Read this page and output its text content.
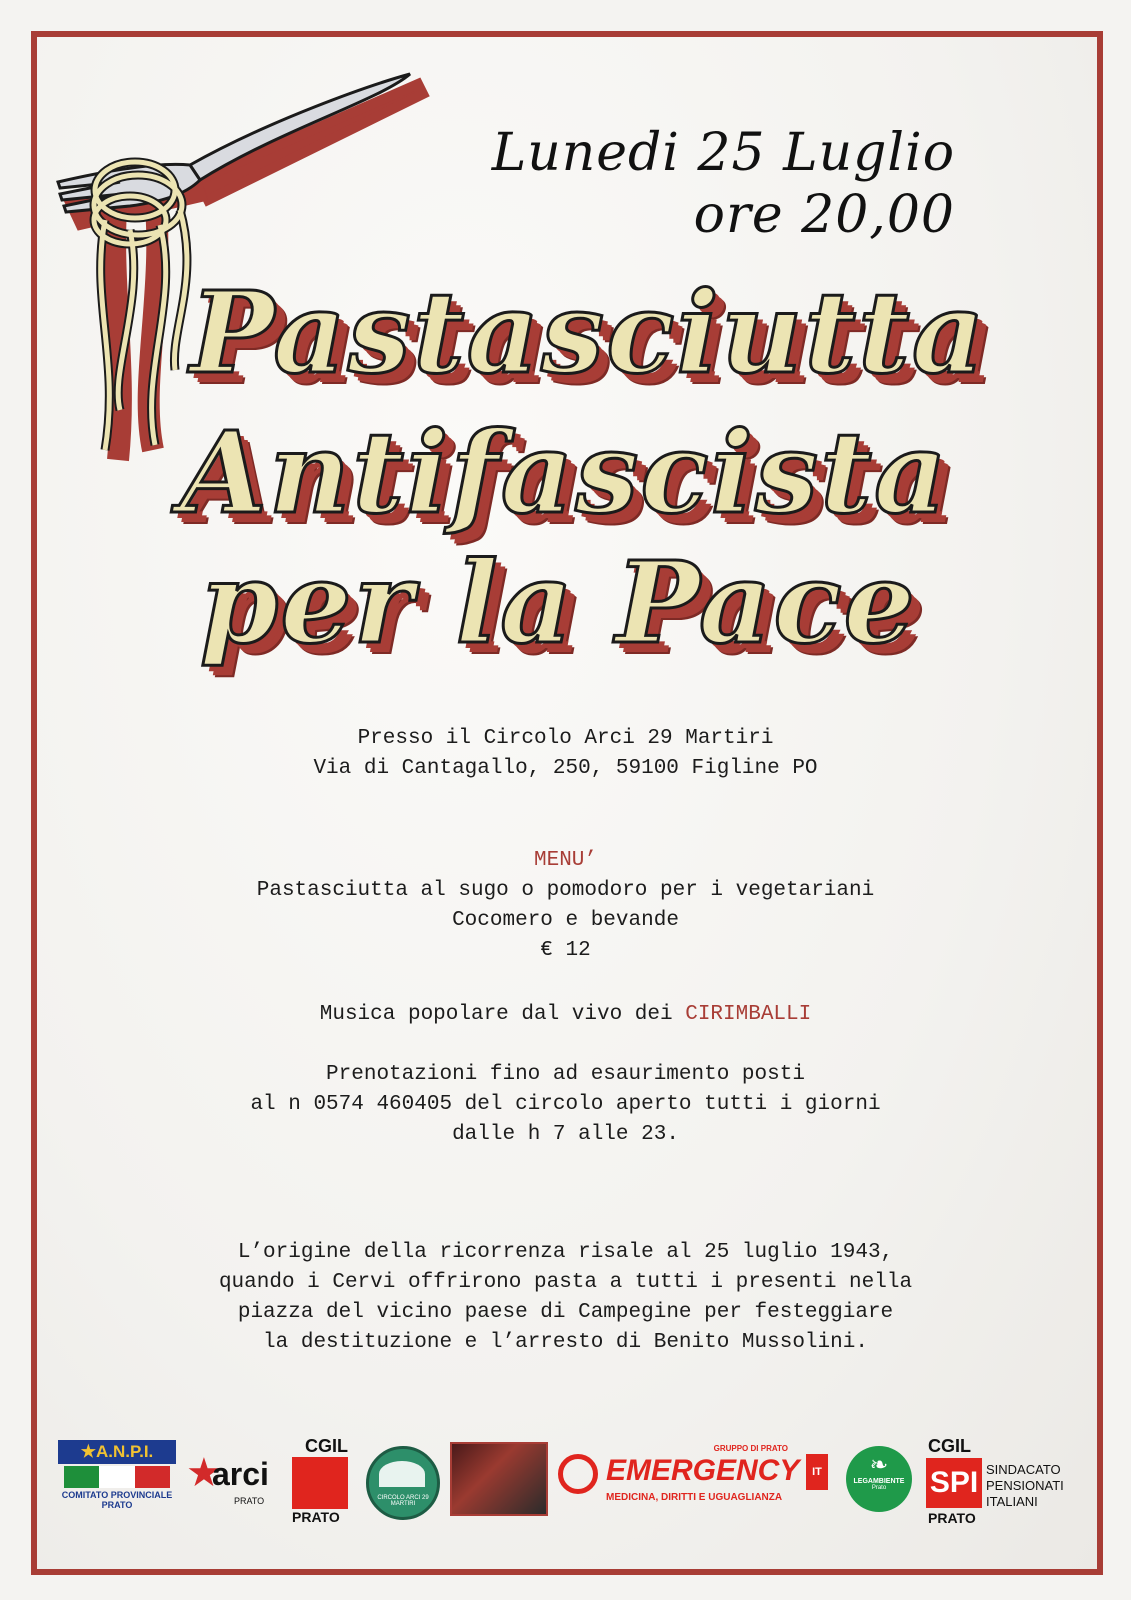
Lunedi 25 Luglio
ore 20,00
Pastasciutta
Antifascista
per la Pace
Presso il Circolo Arci 29 Martiri
Via di Cantagallo, 250, 59100 Figline PO
MENU’
Pastasciutta al sugo o pomodoro per i vegetariani
Cocomero e bevande
€ 12
Musica popolare dal vivo dei CIRIMBALLI
Prenotazioni fino ad esaurimento posti
al n 0574 460405 del circolo aperto tutti i giorni
dalle h 7 alle 23.
L’origine della ricorrenza risale al 25 luglio 1943,
quando i Cervi offrirono pasta a tutti i presenti nella
piazza del vicino paese di Campegine per festeggiare
la destituzione e l’arresto di Benito Mussolini.
★A.N.P.I.
COMITATO PROVINCIALE
PRATO
★
arci
PRATO
CGIL
PRATO
CIRCOLO ARCI 29 MARTIRI
GRUPPO DI PRATO
EMERGENCY	IT
MEDICINA, DIRITTI E UGUAGLIANZA
❧
LEGAMBIENTE
Prato
CGIL
SPI SINDACATO
PENSIONATI
ITALIANI
PRATO
